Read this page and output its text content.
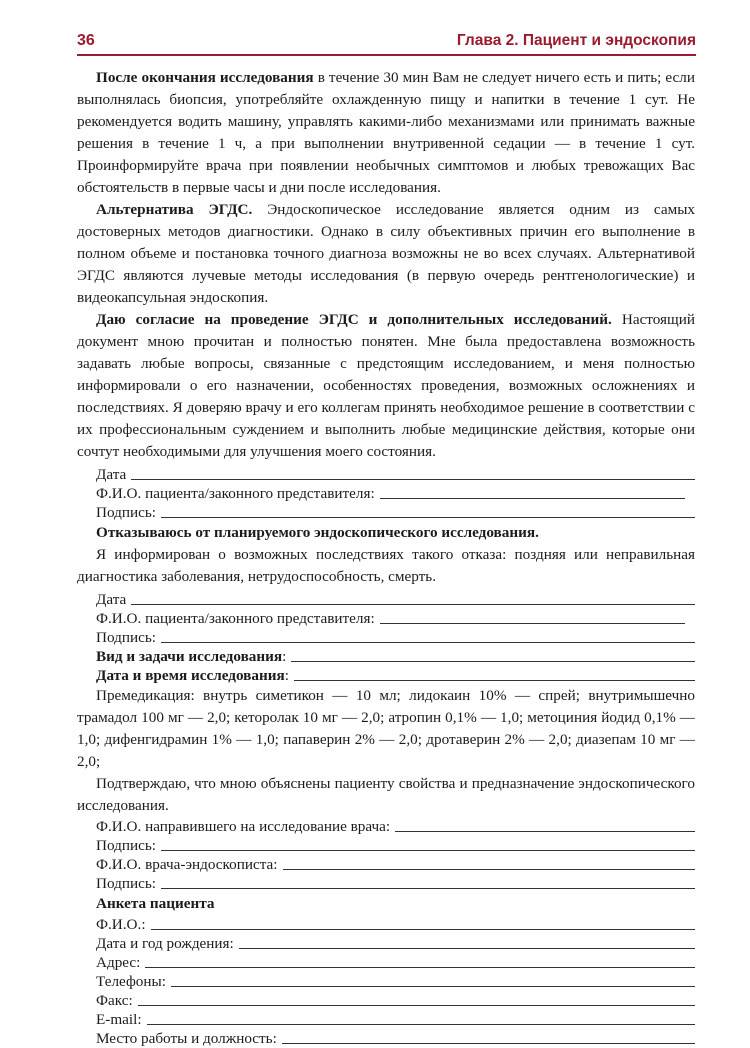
36	Глава 2. Пациент и эндоскопия

После окончания исследования в течение 30 мин Вам не следует ничего есть и пить; если выполнялась биопсия, употребляйте охлажденную пищу и напитки в течение 1 сут. Не рекомендуется водить машину, управлять какими-либо механизмами или принимать важные решения в течение 1 ч, а при выполнении внутривенной седации — в течение 1 сут. Проинформируйте врача при появлении необычных симптомов и любых тревожащих Вас обстоятельств в первые часы и дни после исследования.

Альтернатива ЭГДС. Эндоскопическое исследование является одним из самых достоверных методов диагностики. Однако в силу объективных причин его выполнение в полном объеме и постановка точного диагноза возможны не во всех случаях. Альтернативой ЭГДС являются лучевые методы исследования (в первую очередь рентгенологические) и видеокапсульная эндоскопия.

Даю согласие на проведение ЭГДС и дополнительных исследований. Настоящий документ мною прочитан и полностью понятен. Мне была предоставлена возможность задавать любые вопросы, связанные с предстоящим исследованием, и меня полностью информировали о его назначении, особенностях проведения, возможных осложнениях и последствиях. Я доверяю врачу и его коллегам принять необходимое решение в соответствии с их профессиональным суждением и выполнить любые медицинские действия, которые они сочтут необходимыми для улучшения моего состояния.

Дата
Ф.И.О. пациента/законного представителя:
Подпись:
Отказываюсь от планируемого эндоскопического исследования.

Я информирован о возможных последствиях такого отказа: поздняя или неправильная диагностика заболевания, нетрудоспособность, смерть.

Дата
Ф.И.О. пациента/законного представителя:
Подпись:
Вид и задачи исследования:
Дата и время исследования:

Премедикация: внутрь симетикон — 10 мл; лидокаин 10% — спрей; внутримышечно трамадол 100 мг — 2,0; кеторолак 10 мг — 2,0; атропин 0,1% — 1,0; метоциния йодид 0,1% — 1,0; дифенгидрамин 1% — 1,0; папаверин 2% — 2,0; дротаверин 2% — 2,0; диазепам 10 мг — 2,0;

Подтверждаю, что мною объяснены пациенту свойства и предназначение эндоскопического исследования.

Ф.И.О. направившего на исследование врача:
Подпись:
Ф.И.О. врача-эндоскописта:
Подпись:
Анкета пациента
Ф.И.О.:
Дата и год рождения:
Адрес:
Телефоны:
Факс:
E-mail:
Место работы и должность:
